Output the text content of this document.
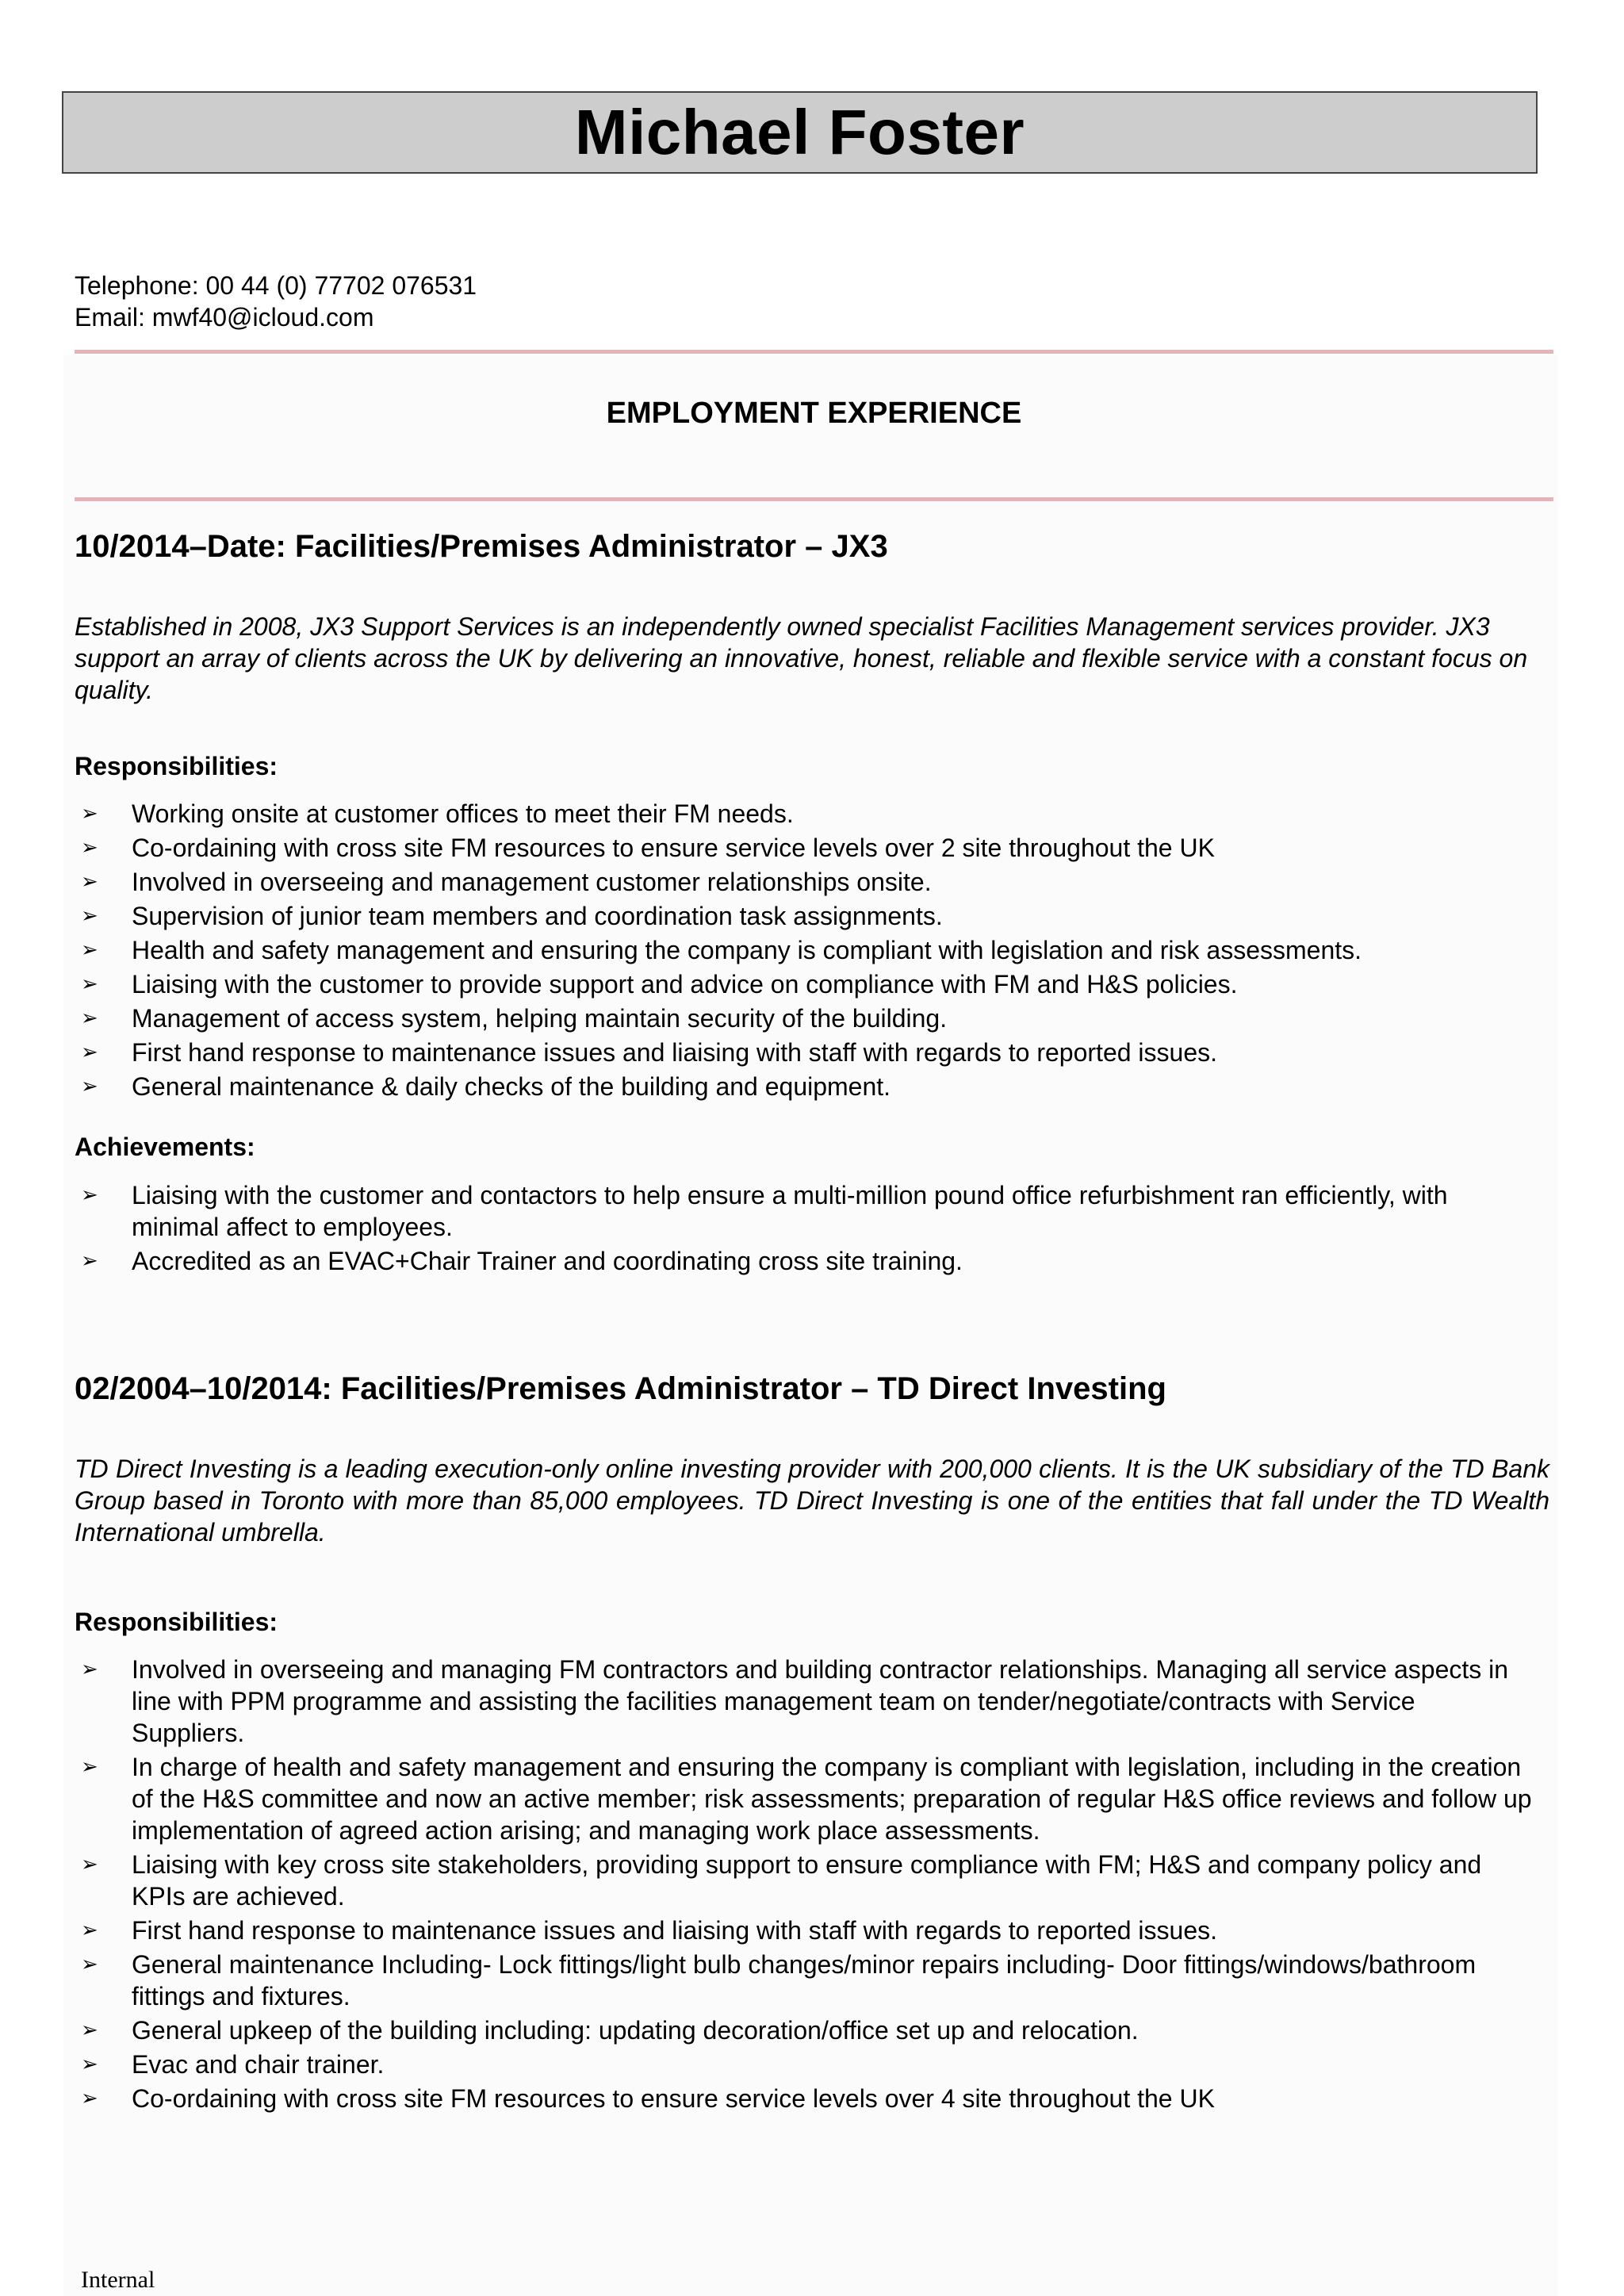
Michael Foster
Telephone: 00 44 (0) 77702 076531
Email: mwf40@icloud.com
EMPLOYMENT EXPERIENCE
10/2014–Date: Facilities/Premises Administrator – JX3
Established in 2008, JX3 Support Services is an independently owned specialist Facilities Management services provider. JX3 support an array of clients across the UK by delivering an innovative, honest, reliable and flexible service with a constant focus on quality.
Responsibilities:
➢ Working onsite at customer offices to meet their FM needs.
➢ Co-ordaining with cross site FM resources to ensure service levels over 2 site throughout the UK
➢ Involved in overseeing and management customer relationships onsite.
➢ Supervision of junior team members and coordination task assignments.
➢ Health and safety management and ensuring the company is compliant with legislation and risk assessments.
➢ Liaising with the customer to provide support and advice on compliance with FM and H&S policies.
➢ Management of access system, helping maintain security of the building.
➢ First hand response to maintenance issues and liaising with staff with regards to reported issues.
➢ General maintenance & daily checks of the building and equipment.
Achievements:
➢ Liaising with the customer and contactors to help ensure a multi-million pound office refurbishment ran efficiently, with minimal affect to employees.
➢ Accredited as an EVAC+Chair Trainer and coordinating cross site training.
02/2004–10/2014: Facilities/Premises Administrator – TD Direct Investing
TD Direct Investing is a leading execution-only online investing provider with 200,000 clients. It is the UK subsidiary of the TD Bank Group based in Toronto with more than 85,000 employees. TD Direct Investing is one of the entities that fall under the TD Wealth International umbrella.
Responsibilities:
➢ Involved in overseeing and managing FM contractors and building contractor relationships. Managing all service aspects in line with PPM programme and assisting the facilities management team on tender/negotiate/contracts with Service Suppliers.
➢ In charge of health and safety management and ensuring the company is compliant with legislation, including in the creation of the H&S committee and now an active member; risk assessments; preparation of regular H&S office reviews and follow up implementation of agreed action arising; and managing work place assessments.
➢ Liaising with key cross site stakeholders, providing support to ensure compliance with FM; H&S and company policy and KPIs are achieved.
➢ First hand response to maintenance issues and liaising with staff with regards to reported issues.
➢ General maintenance Including- Lock fittings/light bulb changes/minor repairs including- Door fittings/windows/bathroom fittings and fixtures.
➢ General upkeep of the building including: updating decoration/office set up and relocation.
➢ Evac and chair trainer.
➢ Co-ordaining with cross site FM resources to ensure service levels over 4 site throughout the UK
Internal
